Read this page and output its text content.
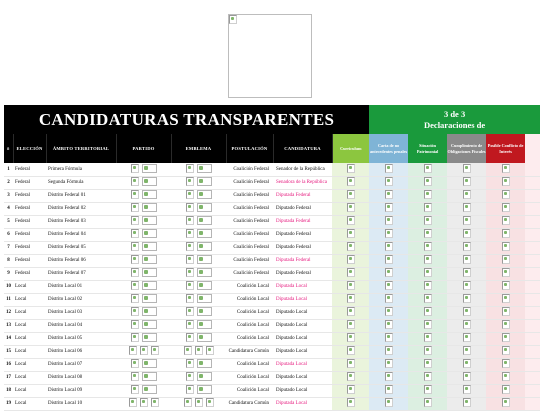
CANDIDATURAS TRANSPARENTES								3 de 3
Declaraciones de				

#	ELECCIÓN	ÁMBITO TERRITORIAL	PARTIDO	EMBLEMA	POSTULACIÓN	CANDIDATURA	Curriculum	Carta de no antecedentes penales	Situación Patrimonial	Cumplimiento de Obligaciones Fiscales	Posible Conflicto de Interés	
1	Federal	Primera Fórmula			Coalición Federal	Senador de la República						
2	Federal	Segunda Fórmula			Coalición Federal	Senadora de la República						
3	Federal	Distrito Federal 01			Coalición Federal	Diputada Federal						
4	Federal	Distrito Federal 02			Coalición Federal	Diputado Federal						
5	Federal	Distrito Federal 03			Coalición Federal	Diputada Federal						
6	Federal	Distrito Federal 04			Coalición Federal	Diputado Federal						
7	Federal	Distrito Federal 05			Coalición Federal	Diputado Federal						
8	Federal	Distrito Federal 06			Coalición Federal	Diputada Federal						
9	Federal	Distrito Federal 07			Coalición Federal	Diputado Federal						
10	Local	Distrito Local 01			Coalición Local	Diputada Local						
11	Local	Distrito Local 02			Coalición Local	Diputada Local						
12	Local	Distrito Local 03			Coalición Local	Diputado Local						
13	Local	Distrito Local 04			Coalición Local	Diputado Local						
14	Local	Distrito Local 05			Coalición Local	Diputado Local						
15	Local	Distrito Local 06			Candidatura Común	Diputado Local						
16	Local	Distrito Local 07			Coalición Local	Diputada Local						
17	Local	Distrito Local 08			Coalición Local	Diputado Local						
18	Local	Distrito Local 09			Coalición Local	Diputado Local						
19	Local	Distrito Local 10			Candidatura Común	Diputada Local						
